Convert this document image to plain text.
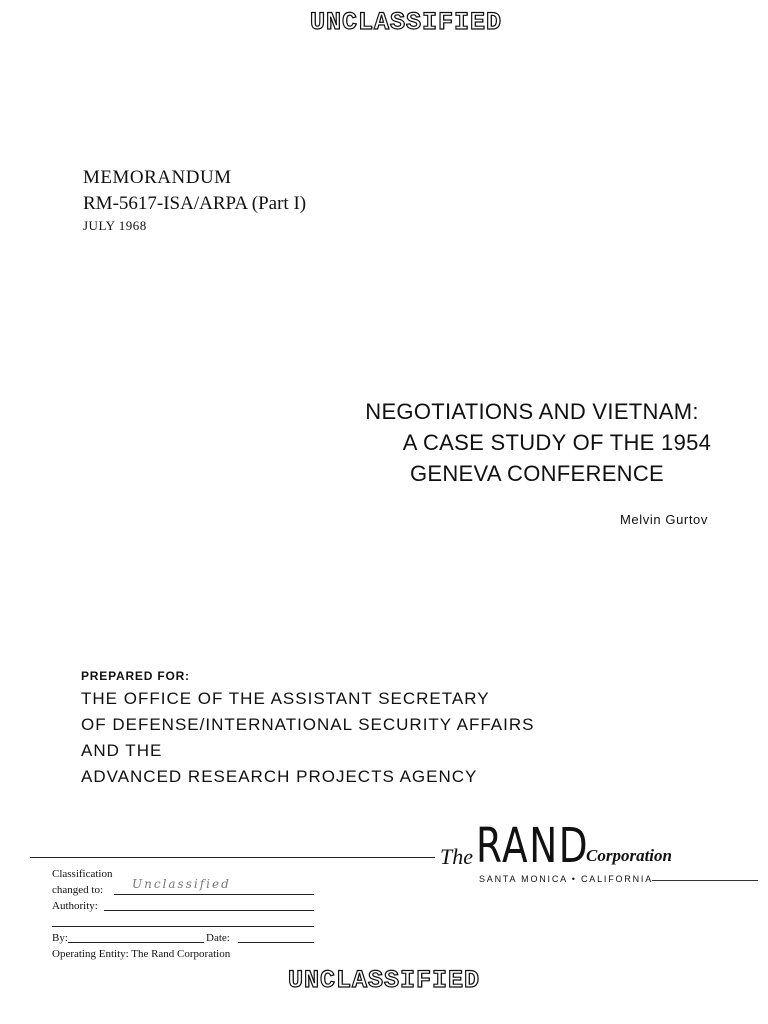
UNCLASSIFIED
MEMORANDUM
RM-5617-ISA/ARPA (Part I)
JULY 1968
NEGOTIATIONS AND VIETNAM:
A CASE STUDY OF THE 1954
GENEVA CONFERENCE
Melvin Gurtov
PREPARED FOR:
THE OFFICE OF THE ASSISTANT SECRETARY
OF DEFENSE/INTERNATIONAL SECURITY AFFAIRS
AND THE
ADVANCED RESEARCH PROJECTS AGENCY
The RAND
Corporation
SANTA MONICA • CALIFORNIA
Classification
changed to: Unclassified
Authority:
By:	Date:
Operating Entity: The Rand Corporation
UNCLASSIFIED
